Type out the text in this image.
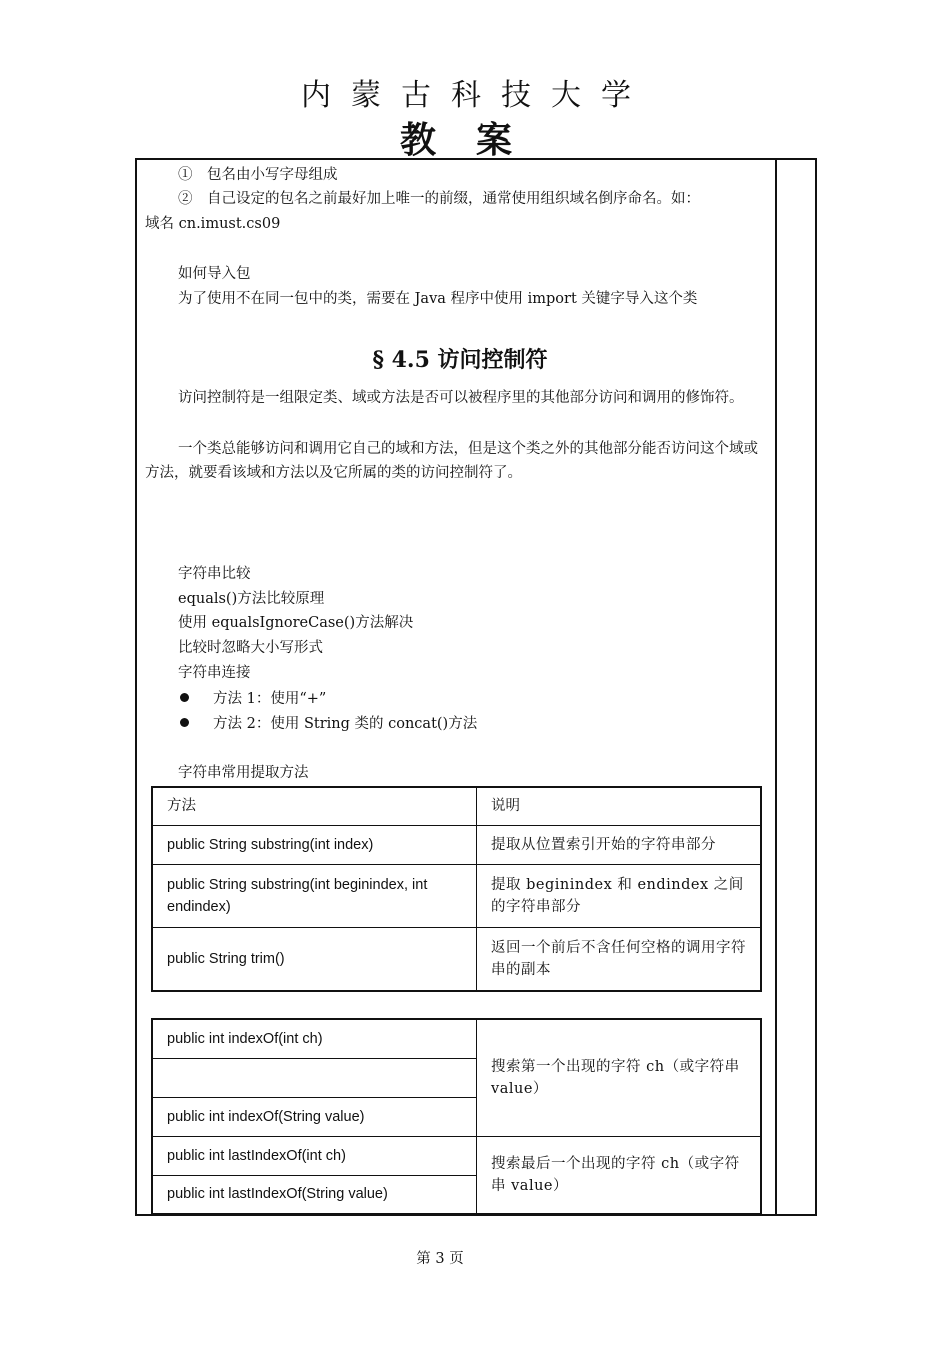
内蒙古科技大学
教案
①　包名由小写字母组成
②　自己设定的包名之前最好加上唯一的前缀，通常使用组织域名倒序命名。如：
域名 cn.imust.cs09
如何导入包
为了使用不在同一包中的类，需要在 Java 程序中使用 import 关键字导入这个类
§ 4.5 访问控制符
访问控制符是一组限定类、域或方法是否可以被程序里的其他部分访问和调用的修饰符。
一个类总能够访问和调用它自己的域和方法，但是这个类之外的其他部分能否访问这个域或方法，就要看该域和方法以及它所属的类的访问控制符了。
字符串比较
equals()方法比较原理
使用 equalsIgnoreCase()方法解决
比较时忽略大小写形式
字符串连接
方法 1：使用“+”
方法 2：使用 String 类的 concat()方法
字符串常用提取方法
方法	说明
public String substring(int index)	提取从位置索引开始的字符串部分
public String substring(int beginindex, int endindex)	提取 beginindex 和 endindex 之间的字符串部分
public String trim()	返回一个前后不含任何空格的调用字符串的副本
public int indexOf(int ch)	搜索第一个出现的字符 ch（或字符串 value）

public int indexOf(String value)	
public int lastIndexOf(int ch)	搜索最后一个出现的字符 ch（或字符串 value）
public int lastIndexOf(String value)	
第 3 页
